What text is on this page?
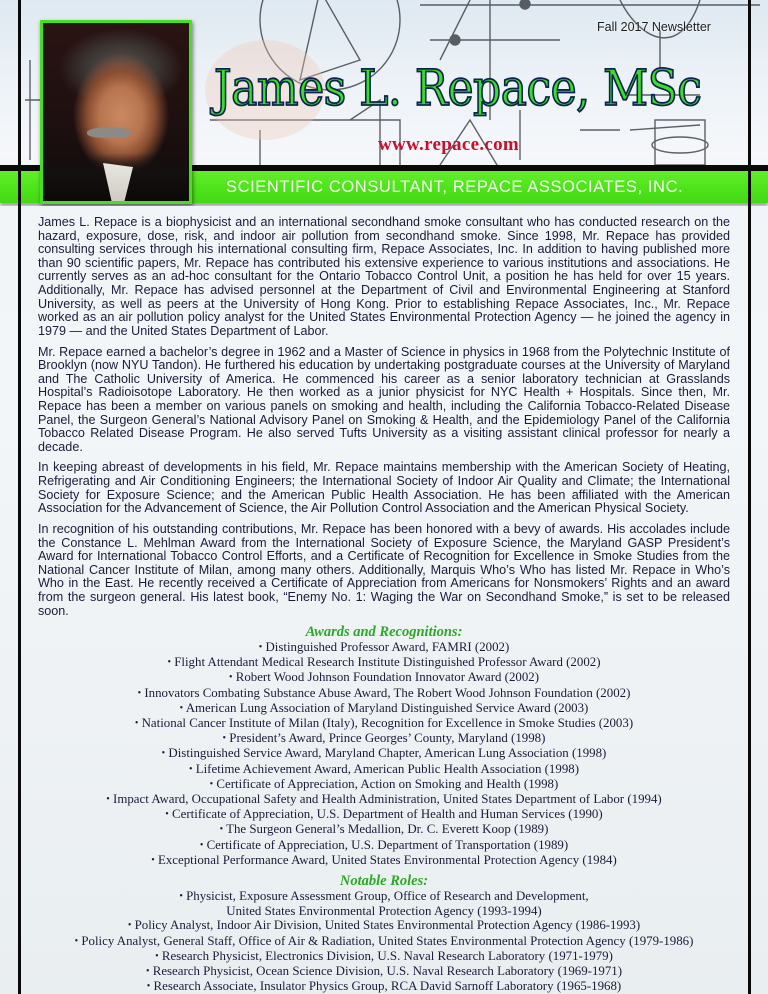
Fall 2017 Newsletter
James L. Repace, MSc
www.repace.com
SCIENTIFIC CONSULTANT, REPACE ASSOCIATES, INC.

James L. Repace is a biophysicist and an international secondhand smoke consultant who has conducted research on the hazard, exposure, dose, risk, and indoor air pollution from secondhand smoke. Since 1998, Mr. Repace has provided consulting services through his international consulting firm, Repace Associates, Inc. In addition to having published more than 90 scientific papers, Mr. Repace has contributed his extensive experience to various institutions and associations. He currently serves as an ad-hoc consultant for the Ontario Tobacco Control Unit, a position he has held for over 15 years. Additionally, Mr. Repace has advised personnel at the Department of Civil and Environmental Engineering at Stanford University, as well as peers at the University of Hong Kong. Prior to establishing Repace Associates, Inc., Mr. Repace worked as an air pollution policy analyst for the United States Environmental Protection Agency — he joined the agency in 1979 — and the United States Department of Labor.

Mr. Repace earned a bachelor’s degree in 1962 and a Master of Science in physics in 1968 from the Polytechnic Institute of Brooklyn (now NYU Tandon). He furthered his education by undertaking postgraduate courses at the University of Maryland and The Catholic University of America. He commenced his career as a senior laboratory technician at Grasslands Hospital’s Radioisotope Laboratory. He then worked as a junior physicist for NYC Health + Hospitals. Since then, Mr. Repace has been a member on various panels on smoking and health, including the California Tobacco-Related Disease Panel, the Surgeon General’s National Advisory Panel on Smoking & Health, and the Epidemiology Panel of the California Tobacco Related Disease Program. He also served Tufts University as a visiting assistant clinical professor for nearly a decade.

In keeping abreast of developments in his field, Mr. Repace maintains membership with the American Society of Heating, Refrigerating and Air Conditioning Engineers; the International Society of Indoor Air Quality and Climate; the International Society for Exposure Science; and the American Public Health Association. He has been affiliated with the American Association for the Advancement of Science, the Air Pollution Control Association and the American Physical Society.

In recognition of his outstanding contributions, Mr. Repace has been honored with a bevy of awards. His accolades include the Constance L. Mehlman Award from the International Society of Exposure Science, the Maryland GASP President’s Award for International Tobacco Control Efforts, and a Certificate of Recognition for Excellence in Smoke Studies from the National Cancer Institute of Milan, among many others. Additionally, Marquis Who’s Who has listed Mr. Repace in Who’s Who in the East. He recently received a Certificate of Appreciation from Americans for Nonsmokers’ Rights and an award from the surgeon general. His latest book, “Enemy No. 1: Waging the War on Secondhand Smoke,” is set to be released soon.

Awards and Recognitions:
• Distinguished Professor Award, FAMRI (2002)
• Flight Attendant Medical Research Institute Distinguished Professor Award (2002)
• Robert Wood Johnson Foundation Innovator Award (2002)
• Innovators Combating Substance Abuse Award, The Robert Wood Johnson Foundation (2002)
• American Lung Association of Maryland Distinguished Service Award (2003)
• National Cancer Institute of Milan (Italy), Recognition for Excellence in Smoke Studies (2003)
• President’s Award, Prince Georges’ County, Maryland (1998)
• Distinguished Service Award, Maryland Chapter, American Lung Association (1998)
• Lifetime Achievement Award, American Public Health Association (1998)
• Certificate of Appreciation, Action on Smoking and Health (1998)
• Impact Award, Occupational Safety and Health Administration, United States Department of Labor (1994)
• Certificate of Appreciation, U.S. Department of Health and Human Services (1990)
• The Surgeon General’s Medallion, Dr. C. Everett Koop (1989)
• Certificate of Appreciation, U.S. Department of Transportation (1989)
• Exceptional Performance Award, United States Environmental Protection Agency (1984)
Notable Roles:
• Physicist, Exposure Assessment Group, Office of Research and Development,
United States Environmental Protection Agency (1993-1994)
• Policy Analyst, Indoor Air Division, United States Environmental Protection Agency (1986-1993)
• Policy Analyst, General Staff, Office of Air & Radiation, United States Environmental Protection Agency (1979-1986)
• Research Physicist, Electronics Division, U.S. Naval Research Laboratory (1971-1979)
• Research Physicist, Ocean Science Division, U.S. Naval Research Laboratory (1969-1971)
• Research Associate, Insulator Physics Group, RCA David Sarnoff Laboratory (1965-1968)
